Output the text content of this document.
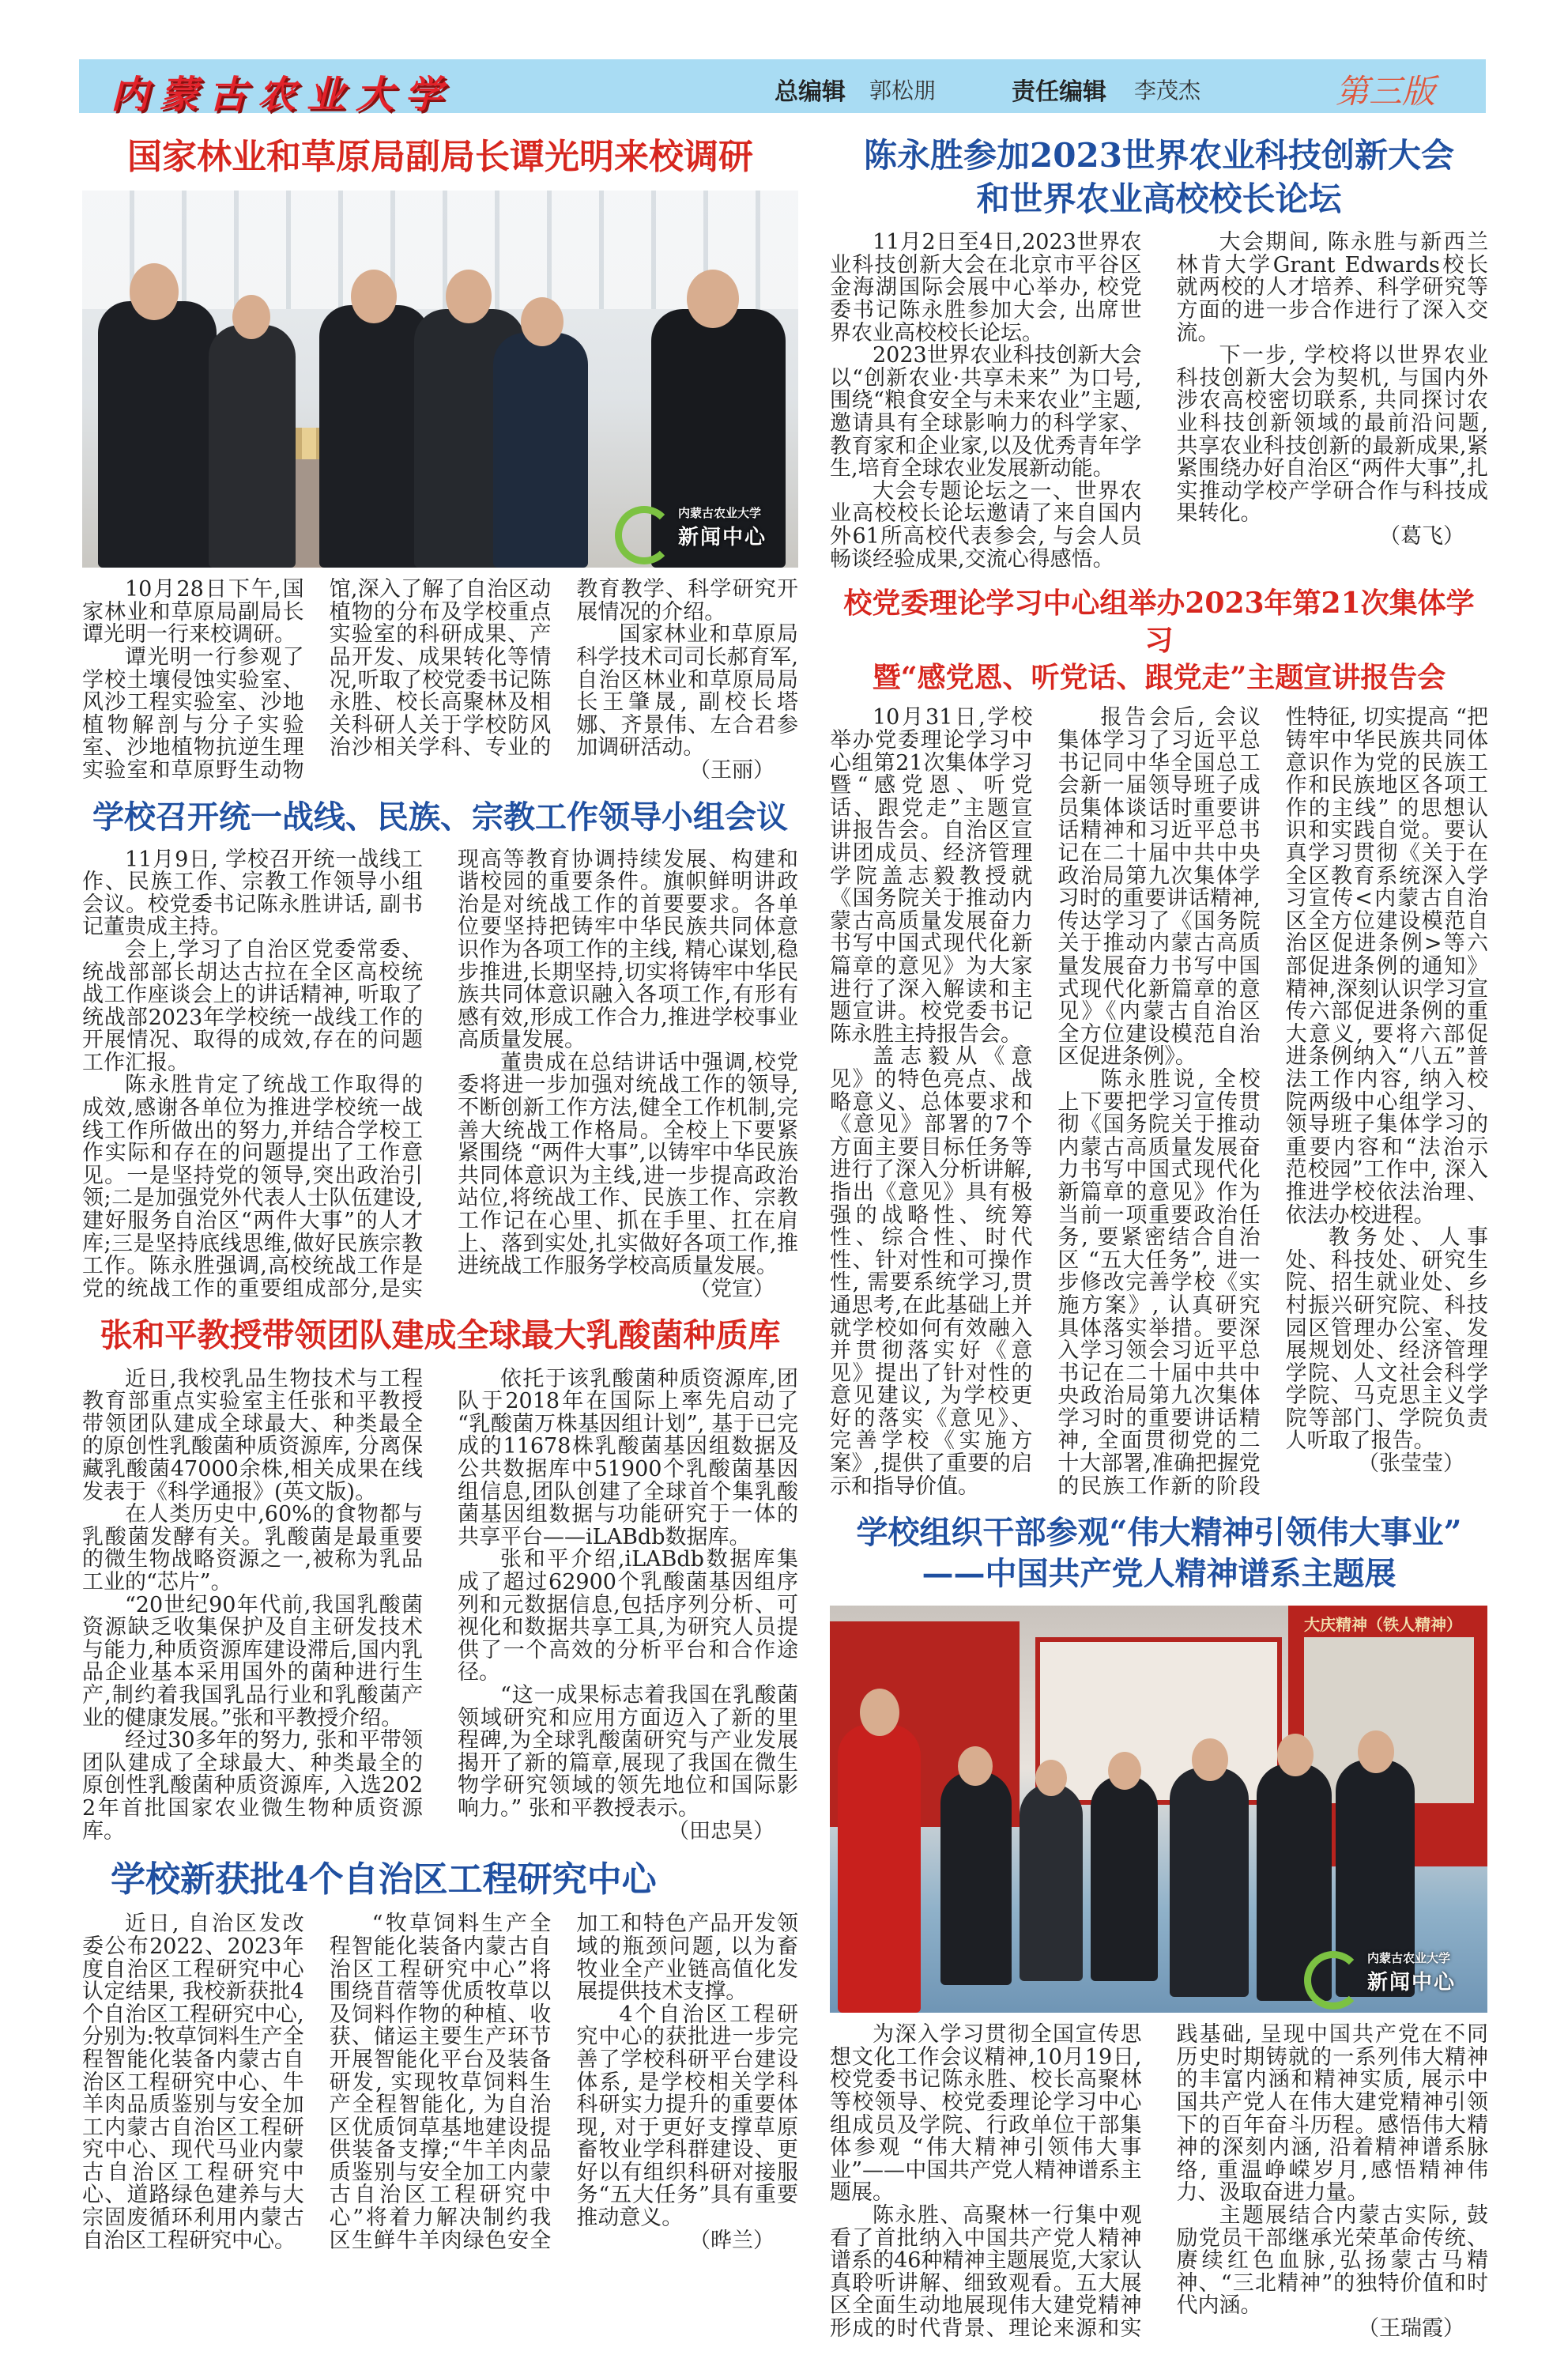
内蒙古农业大学	总编辑 郭松朋	责任编辑 李茂杰	第三版
国家林业和草原局副局长谭光明来校调研
内蒙古农业大学
新闻中心

10月28日下午,国家林业和草原局副局长谭光明一行来校调研。

谭光明一行参观了学校土壤侵蚀实验室、风沙工程实验室、沙地植物解剖与分子实验室、沙地植物抗逆生理实验室和草原野生动物馆,深入了解了自治区动植物的分布及学校重点实验室的科研成果、产品开发、成果转化等情况,听取了校党委书记陈永胜、校长高聚林及相关科研人关于学校防风治沙相关学科、专业的教育教学、科学研究开展情况的介绍。

国家林业和草原局科学技术司司长郝育军,自治区林业和草原局局长王肇晟, 副校长塔娜、齐景伟、左合君参加调研活动。

（王丽）

学校召开统一战线、民族、宗教工作领导小组会议

11月9日, 学校召开统一战线工作、民族工作、宗教工作领导小组会议。校党委书记陈永胜讲话, 副书记董贵成主持。

会上,学习了自治区党委常委、统战部部长胡达古拉在全区高校统战工作座谈会上的讲话精神, 听取了统战部2023年学校统一战线工作的开展情况、取得的成效,存在的问题工作汇报。

陈永胜肯定了统战工作取得的成效,感谢各单位为推进学校统一战线工作所做出的努力,并结合学校工作实际和存在的问题提出了工作意见。一是坚持党的领导,突出政治引领;二是加强党外代表人士队伍建设,建好服务自治区“两件大事”的人才库;三是坚持底线思维,做好民族宗教工作。陈永胜强调,高校统战工作是党的统战工作的重要组成部分,是实现高等教育协调持续发展、构建和谐校园的重要条件。旗帜鲜明讲政治是对统战工作的首要要求。各单位要坚持把铸牢中华民族共同体意识作为各项工作的主线, 精心谋划,稳步推进,长期坚持,切实将铸牢中华民族共同体意识融入各项工作,有形有感有效,形成工作合力,推进学校事业高质量发展。

董贵成在总结讲话中强调,校党委将进一步加强对统战工作的领导,不断创新工作方法,健全工作机制,完善大统战工作格局。全校上下要紧紧围绕 “两件大事”,以铸牢中华民族共同体意识为主线,进一步提高政治站位,将统战工作、民族工作、宗教工作记在心里、抓在手里、扛在肩上、落到实处,扎实做好各项工作,推进统战工作服务学校高质量发展。

（党宣）

张和平教授带领团队建成全球最大乳酸菌种质库

近日,我校乳品生物技术与工程教育部重点实验室主任张和平教授带领团队建成全球最大、种类最全的原创性乳酸菌种质资源库, 分离保藏乳酸菌47000余株,相关成果在线发表于《科学通报》(英文版)。

在人类历史中,60%的食物都与乳酸菌发酵有关。乳酸菌是最重要的微生物战略资源之一,被称为乳品工业的“芯片”。

“20世纪90年代前,我国乳酸菌资源缺乏收集保护及自主研发技术与能力,种质资源库建设滞后,国内乳品企业基本采用国外的菌种进行生产,制约着我国乳品行业和乳酸菌产业的健康发展。”张和平教授介绍。

经过30多年的努力, 张和平带领团队建成了全球最大、种类最全的原创性乳酸菌种质资源库, 入选2022年首批国家农业微生物种质资源库。

依托于该乳酸菌种质资源库,团队于2018年在国际上率先启动了 “乳酸菌万株基因组计划”, 基于已完成的11678株乳酸菌基因组数据及公共数据库中51900个乳酸菌基因组信息,团队创建了全球首个集乳酸菌基因组数据与功能研究于一体的共享平台——iLABdb数据库。

张和平介绍,iLABdb数据库集成了超过62900个乳酸菌基因组序列和元数据信息,包括序列分析、可视化和数据共享工具,为研究人员提供了一个高效的分析平台和合作途径。

“这一成果标志着我国在乳酸菌领域研究和应用方面迈入了新的里程碑,为全球乳酸菌研究与产业发展揭开了新的篇章,展现了我国在微生物学研究领域的领先地位和国际影响力。” 张和平教授表示。

（田忠昊）

学校新获批4个自治区工程研究中心

近日, 自治区发改委公布2022、2023年度自治区工程研究中心认定结果, 我校新获批4个自治区工程研究中心,分别为:牧草饲料生产全程智能化装备内蒙古自治区工程研究中心、牛羊肉品质鉴别与安全加工内蒙古自治区工程研究中心、现代马业内蒙古自治区工程研究中心、道路绿色建养与大宗固废循环利用内蒙古自治区工程研究中心。

“牧草饲料生产全程智能化装备内蒙古自治区工程研究中心”将围绕苜蓿等优质牧草以及饲料作物的种植、收获、储运主要生产环节开展智能化平台及装备研发, 实现牧草饲料生产全程智能化, 为自治区优质饲草基地建设提供装备支撑;“牛羊肉品质鉴别与安全加工内蒙古自治区工程研究中心”将着力解决制约我区生鲜牛羊肉绿色安全加工和特色产品开发领域的瓶颈问题, 以为畜牧业全产业链高值化发展提供技术支撑。

4个自治区工程研究中心的获批进一步完善了学校科研平台建设体系, 是学校相关学科科研实力提升的重要体现, 对于更好支撑草原畜牧业学科群建设、更好以有组织科研对接服务“五大任务”具有重要推动意义。

（晔兰）

陈永胜参加2023世界农业科技创新大会
和世界农业高校校长论坛

11月2日至4日,2023世界农业科技创新大会在北京市平谷区金海湖国际会展中心举办, 校党委书记陈永胜参加大会, 出席世界农业高校校长论坛。

2023世界农业科技创新大会以“创新农业·共享未来” 为口号, 围绕“粮食安全与未来农业”主题,邀请具有全球影响力的科学家、教育家和企业家,以及优秀青年学生,培育全球农业发展新动能。

大会专题论坛之一、世界农业高校校长论坛邀请了来自国内外61所高校代表参会, 与会人员畅谈经验成果,交流心得感悟。

大会期间, 陈永胜与新西兰林肯大学Grant Edwards校长就两校的人才培养、科学研究等方面的进一步合作进行了深入交流。

下一步, 学校将以世界农业科技创新大会为契机, 与国内外涉农高校密切联系, 共同探讨农业科技创新领域的最前沿问题, 共享农业科技创新的最新成果,紧紧围绕办好自治区“两件大事”,扎实推动学校产学研合作与科技成果转化。

（葛飞）

校党委理论学习中心组举办2023年第21次集体学习
暨“感党恩、听党话、跟党走”主题宣讲报告会

10月31日,学校举办党委理论学习中心组第21次集体学习暨“感党恩、听党话、跟党走”主题宣讲报告会。自治区宣讲团成员、经济管理学院盖志毅教授就《国务院关于推动内蒙古高质量发展奋力书写中国式现代化新篇章的意见》为大家进行了深入解读和主题宣讲。校党委书记陈永胜主持报告会。

盖志毅从《意见》的特色亮点、战略意义、总体要求和《意见》部署的7个方面主要目标任务等进行了深入分析讲解,指出《意见》具有极强的战略性、统筹性、综合性、时代性、针对性和可操作性, 需要系统学习,贯通思考,在此基础上并就学校如何有效融入并贯彻落实好《意见》提出了针对性的意见建议, 为学校更好的落实《意见》、完善学校《实施方案》,提供了重要的启示和指导价值。

报告会后, 会议集体学习了习近平总书记同中华全国总工会新一届领导班子成员集体谈话时重要讲话精神和习近平总书记在二十届中共中央政治局第九次集体学习时的重要讲话精神,传达学习了《国务院关于推动内蒙古高质量发展奋力书写中国式现代化新篇章的意见》《内蒙古自治区全方位建设模范自治区促进条例》。

陈永胜说, 全校上下要把学习宣传贯彻《国务院关于推动内蒙古高质量发展奋力书写中国式现代化新篇章的意见》作为当前一项重要政治任务, 要紧密结合自治区 “五大任务”, 进一步修改完善学校《实施方案》, 认真研究具体落实举措。要深入学习领会习近平总书记在二十届中共中央政治局第九次集体学习时的重要讲话精神, 全面贯彻党的二十大部署,准确把握党的民族工作新的阶段性特征, 切实提高 “把铸牢中华民族共同体意识作为党的民族工作和民族地区各项工作的主线” 的思想认识和实践自觉。要认真学习贯彻《关于在全区教育系统深入学习宣传<内蒙古自治区全方位建设模范自治区促进条例>等六部促进条例的通知》精神,深刻认识学习宣传六部促进条例的重大意义, 要将六部促进条例纳入“八五”普法工作内容, 纳入校院两级中心组学习、领导班子集体学习的重要内容和“法治示范校园”工作中, 深入推进学校依法治理、依法办校进程。

教务处、人事处、科技处、研究生院、招生就业处、乡村振兴研究院、科技园区管理办公室、发展规划处、经济管理学院、人文社会科学学院、马克思主义学院等部门、学院负责人听取了报告。

（张莹莹）

学校组织干部参观“伟大精神引领伟大事业”
——中国共产党人精神谱系主题展
大庆精神（铁人精神）
内蒙古农业大学
新闻中心

为深入学习贯彻全国宣传思想文化工作会议精神,10月19日,校党委书记陈永胜、校长高聚林等校领导、校党委理论学习中心组成员及学院、行政单位干部集体参观 “伟大精神引领伟大事业”——中国共产党人精神谱系主题展。

陈永胜、高聚林一行集中观看了首批纳入中国共产党人精神谱系的46种精神主题展览,大家认真聆听讲解、细致观看。五大展区全面生动地展现伟大建党精神形成的时代背景、理论来源和实践基础, 呈现中国共产党在不同历史时期铸就的一系列伟大精神的丰富内涵和精神实质, 展示中国共产党人在伟大建党精神引领下的百年奋斗历程。感悟伟大精神的深刻内涵, 沿着精神谱系脉络, 重温峥嵘岁月,感悟精神伟力、汲取奋进力量。

主题展结合内蒙古实际, 鼓励党员干部继承光荣革命传统、赓续红色血脉,弘扬蒙古马精神、“三北精神”的独特价值和时代内涵。

（王瑞霞）
